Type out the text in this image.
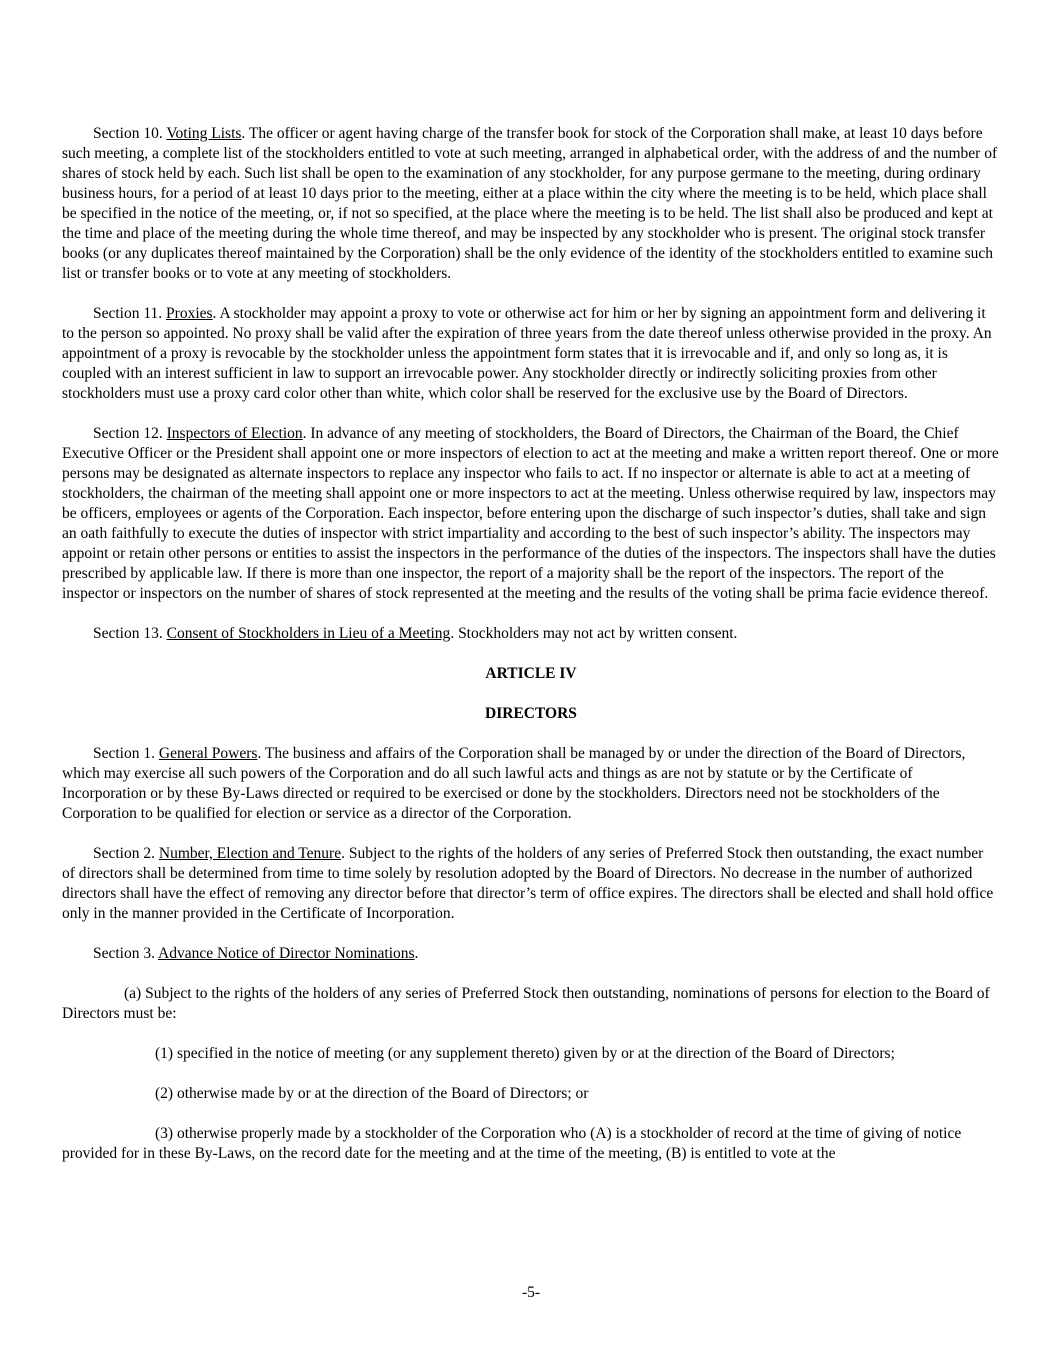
Section 10. Voting Lists. The officer or agent having charge of the transfer book for stock of the Corporation shall make, at least 10 days before such meeting, a complete list of the stockholders entitled to vote at such meeting, arranged in alphabetical order, with the address of and the number of shares of stock held by each. Such list shall be open to the examination of any stockholder, for any purpose germane to the meeting, during ordinary business hours, for a period of at least 10 days prior to the meeting, either at a place within the city where the meeting is to be held, which place shall be specified in the notice of the meeting, or, if not so specified, at the place where the meeting is to be held. The list shall also be produced and kept at the time and place of the meeting during the whole time thereof, and may be inspected by any stockholder who is present. The original stock transfer books (or any duplicates thereof maintained by the Corporation) shall be the only evidence of the identity of the stockholders entitled to examine such list or transfer books or to vote at any meeting of stockholders.

Section 11. Proxies. A stockholder may appoint a proxy to vote or otherwise act for him or her by signing an appointment form and delivering it to the person so appointed. No proxy shall be valid after the expiration of three years from the date thereof unless otherwise provided in the proxy. An appointment of a proxy is revocable by the stockholder unless the appointment form states that it is irrevocable and if, and only so long as, it is coupled with an interest sufficient in law to support an irrevocable power. Any stockholder directly or indirectly soliciting proxies from other stockholders must use a proxy card color other than white, which color shall be reserved for the exclusive use by the Board of Directors.

Section 12. Inspectors of Election. In advance of any meeting of stockholders, the Board of Directors, the Chairman of the Board, the Chief Executive Officer or the President shall appoint one or more inspectors of election to act at the meeting and make a written report thereof. One or more persons may be designated as alternate inspectors to replace any inspector who fails to act. If no inspector or alternate is able to act at a meeting of stockholders, the chairman of the meeting shall appoint one or more inspectors to act at the meeting. Unless otherwise required by law, inspectors may be officers, employees or agents of the Corporation. Each inspector, before entering upon the discharge of such inspector’s duties, shall take and sign an oath faithfully to execute the duties of inspector with strict impartiality and according to the best of such inspector’s ability. The inspectors may appoint or retain other persons or entities to assist the inspectors in the performance of the duties of the inspectors. The inspectors shall have the duties prescribed by applicable law. If there is more than one inspector, the report of a majority shall be the report of the inspectors. The report of the inspector or inspectors on the number of shares of stock represented at the meeting and the results of the voting shall be prima facie evidence thereof.

Section 13. Consent of Stockholders in Lieu of a Meeting. Stockholders may not act by written consent.

ARTICLE IV
DIRECTORS

Section 1. General Powers. The business and affairs of the Corporation shall be managed by or under the direction of the Board of Directors, which may exercise all such powers of the Corporation and do all such lawful acts and things as are not by statute or by the Certificate of Incorporation or by these By-Laws directed or required to be exercised or done by the stockholders. Directors need not be stockholders of the Corporation to be qualified for election or service as a director of the Corporation.

Section 2. Number, Election and Tenure. Subject to the rights of the holders of any series of Preferred Stock then outstanding, the exact number of directors shall be determined from time to time solely by resolution adopted by the Board of Directors. No decrease in the number of authorized directors shall have the effect of removing any director before that director’s term of office expires. The directors shall be elected and shall hold office only in the manner provided in the Certificate of Incorporation.

Section 3. Advance Notice of Director Nominations.

(a) Subject to the rights of the holders of any series of Preferred Stock then outstanding, nominations of persons for election to the Board of Directors must be:

(1) specified in the notice of meeting (or any supplement thereto) given by or at the direction of the Board of Directors;

(2) otherwise made by or at the direction of the Board of Directors; or

(3) otherwise properly made by a stockholder of the Corporation who (A) is a stockholder of record at the time of giving of notice provided for in these By-Laws, on the record date for the meeting and at the time of the meeting, (B) is entitled to vote at the

-5-
